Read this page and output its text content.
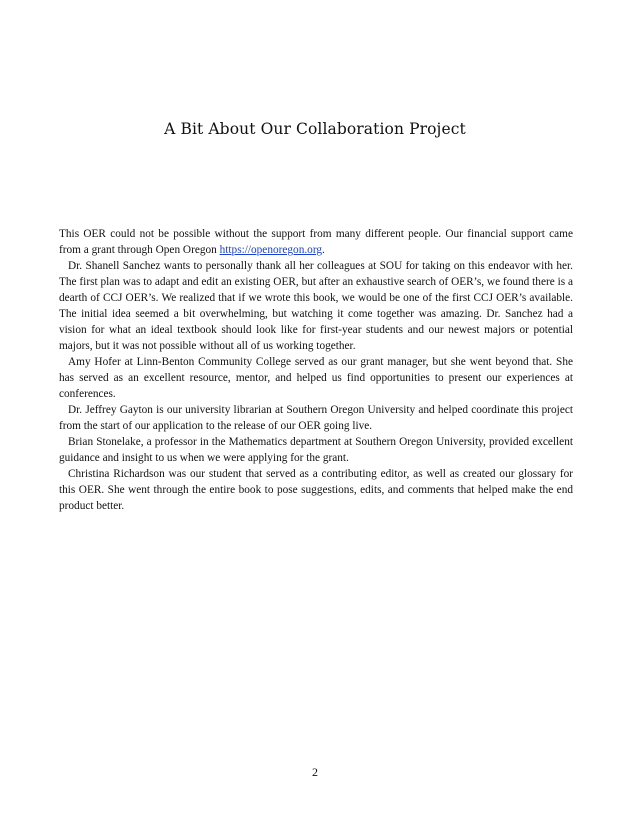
A Bit About Our Collaboration Project

This OER could not be possible without the support from many different people. Our financial support came from a grant through Open Oregon https://openoregon.org.

Dr. Shanell Sanchez wants to personally thank all her colleagues at SOU for taking on this endeavor with her. The first plan was to adapt and edit an existing OER, but after an exhaustive search of OER’s, we found there is a dearth of CCJ OER’s. We realized that if we wrote this book, we would be one of the first CCJ OER’s available. The initial idea seemed a bit overwhelming, but watching it come together was amazing. Dr. Sanchez had a vision for what an ideal textbook should look like for first-year students and our newest majors or potential majors, but it was not possible without all of us working together.

Amy Hofer at Linn-Benton Community College served as our grant manager, but she went beyond that. She has served as an excellent resource, mentor, and helped us find opportunities to present our experiences at conferences.

Dr. Jeffrey Gayton is our university librarian at Southern Oregon University and helped coordinate this project from the start of our application to the release of our OER going live.

Brian Stonelake, a professor in the Mathematics department at Southern Oregon University, provided excellent guidance and insight to us when we were applying for the grant.

Christina Richardson was our student that served as a contributing editor, as well as created our glossary for this OER. She went through the entire book to pose suggestions, edits, and comments that helped make the end product better.

2
